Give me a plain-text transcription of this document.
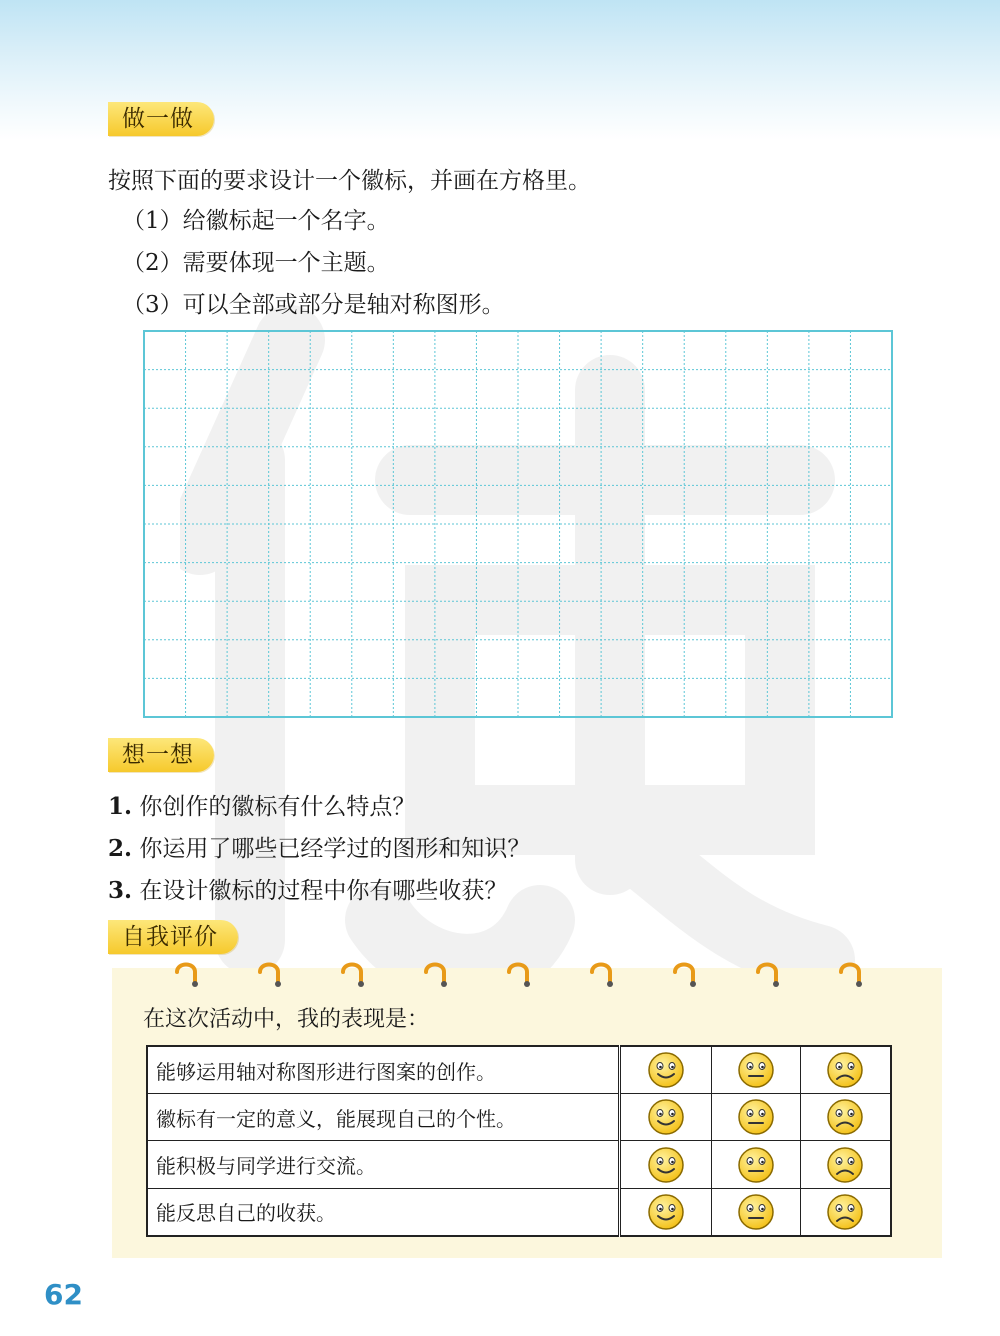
做一做
按照下面的要求设计一个徽标，并画在方格里。
（1）给徽标起一个名字。
（2）需要体现一个主题。
（3）可以全部或部分是轴对称图形。
想一想
1. 你创作的徽标有什么特点？
2. 你运用了哪些已经学过的图形和知识？
3. 在设计徽标的过程中你有哪些收获？
自我评价
在这次活动中，我的表现是：
能够运用轴对称图形进行图案的创作。			
徽标有一定的意义，能展现自己的个性。			
能积极与同学进行交流。			
能反思自己的收获。			
62
